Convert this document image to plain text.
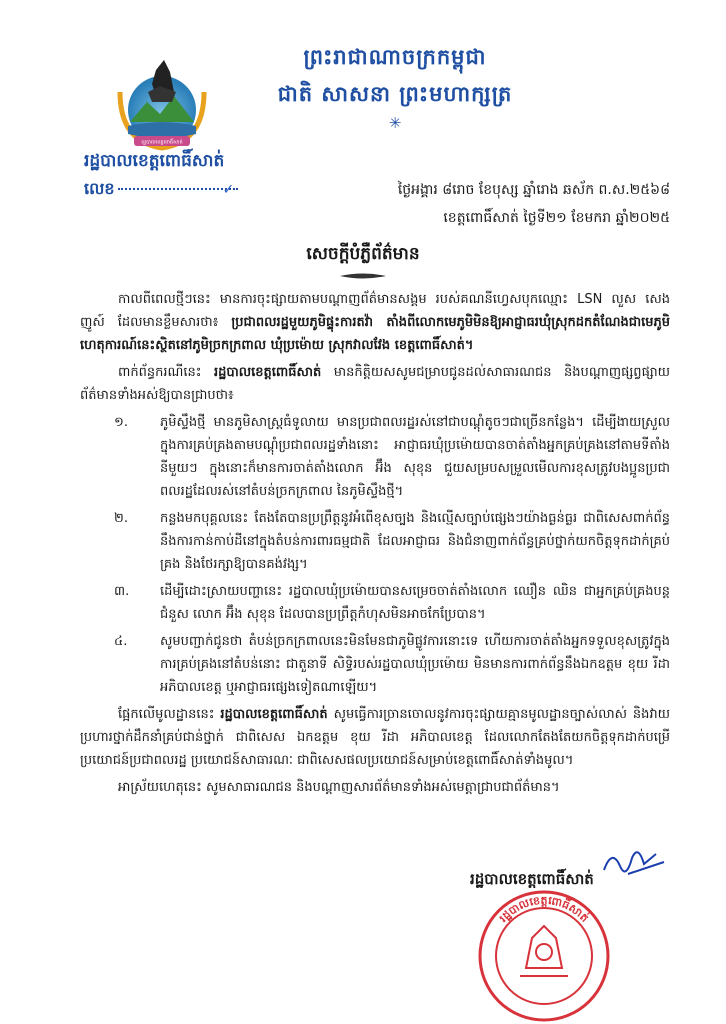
រដ្ឋបាលខេត្តពោធិ៍សាត់
ព្រះរាជាណាចក្រកម្ពុជា
ជាតិ សាសនា ព្រះមហាក្សត្រ
✳
រដ្ឋបាលខេត្តពោធិ៍សាត់
លេខ	✓	ថ្ងៃអង្គារ ៨រោច ខែបុស្ស ឆ្នាំរោង ឆស័ក ព.ស.២៥៦៨
ខេត្តពោធិ៍សាត់ ថ្ងៃទី២១ ខែមករា ឆ្នាំ២០២៥
សេចក្ដីបំភ្លឺព័ត៌មាន

កាលពីពេលថ្មីៗនេះ មានការចុះផ្សាយតាមបណ្តាញព័ត៌មានសង្គម របស់គណនីហ្វេសបុកឈ្មោះ LSN លួស សេង ញូស៍ ដែលមានខ្លឹមសារថា៖ ប្រជាពលរដ្ឋមួយភូមិផ្ទុះការតវ៉ា តាំងពីលោកមេភូមិមិនឱ្យអាជ្ញាធរឃុំស្រុកដកតំណែងជាមេភូមិ ហេតុការណ៍នេះស្ថិតនៅភូមិច្រកក្រពាល ឃុំប្រម៉ោយ ស្រុកវាលវែង ខេត្តពោធិ៍សាត់។

ពាក់ព័ន្ធករណីនេះ រដ្ឋបាលខេត្តពោធិ៍សាត់ មានកិត្តិយសសូមជម្រាបជូនដល់សាធារណជន និងបណ្តាញផ្សព្វផ្សាយព័ត៌មានទាំងអស់ឱ្យបានជ្រាបថា៖

១.	ភូមិស្ទឹងថ្មី មានភូមិសាស្ត្រធំទូលាយ មានប្រជាពលរដ្ឋរស់នៅជាបណ្តុំតូចៗជាច្រើនកន្លែង។ ដើម្បីងាយស្រួលក្នុងការគ្រប់គ្រងតាមបណ្តុំប្រជាពលរដ្ឋទាំងនោះ អាជ្ញាធរឃុំប្រម៉ោយបានចាត់តាំងអ្នកគ្រប់គ្រងនៅតាមទីតាំងនីមួយៗ ក្នុងនោះក៏មានការចាត់តាំងលោក អ៊ឹង សុខុន ជួយសម្របសម្រួលមើលការខុសត្រូវបងប្អូនប្រជាពលរដ្ឋដែលរស់នៅតំបន់ច្រកក្រពាល នៃភូមិស្ទឹងថ្មី។
២.	កន្លងមកបុគ្គលនេះ តែងតែបានប្រព្រឹត្តនូវអំពើខុសច្បង និងល្មើសច្បាប់ផ្សេងៗយ៉ាងធ្ងន់ធ្ងរ ជាពិសេសពាក់ព័ន្ធនឹងការកាន់កាប់ដីនៅក្នុងតំបន់ការពារធម្មជាតិ ដែលអាជ្ញាធរ និងជំនាញពាក់ព័ន្ធគ្រប់ថ្នាក់យកចិត្តទុកដាក់គ្រប់គ្រង និងថែរក្សាឱ្យបានគង់វង្ស។
៣.	ដើម្បីដោះស្រាយបញ្ហានេះ រដ្ឋបាលឃុំប្រម៉ោយបានសម្រេចចាត់តាំងលោក ឈឿន ឈិន ជាអ្នកគ្រប់គ្រងបន្ត ជំនួស លោក អ៊ឹង សុខុន ដែលបានប្រព្រឹត្តកំហុសមិនអាចកែប្រែបាន។
៤.	សូមបញ្ជាក់ជូនថា តំបន់ច្រកក្រពាលនេះមិនមែនជាភូមិផ្លូវការនោះទេ ហើយការចាត់តាំងអ្នកទទួលខុសត្រូវក្នុងការគ្រប់គ្រងនៅតំបន់នោះ ជាតួនាទី សិទ្ធិរបស់រដ្ឋបាលឃុំប្រម៉ោយ មិនមានការពាក់ព័ន្ធនឹងឯកឧត្តម ខុយ រីដា អភិបាលខេត្ត ឬអាជ្ញាធរផ្សេងទៀតណាឡើយ។

ផ្អែកលើមូលដ្ឋាននេះ រដ្ឋបាលខេត្តពោធិ៍សាត់ សូមធ្វើការច្រានចោលនូវការចុះផ្សាយគ្មានមូលដ្ឋានច្បាស់លាស់ និងវាយប្រហារថ្នាក់ដឹកនាំគ្រប់ជាន់ថ្នាក់ ជាពិសេស ឯកឧត្តម ខុយ រីដា អភិបាលខេត្ត ដែលលោកតែងតែយកចិត្តទុកដាក់បម្រើប្រយោជន៍ប្រជាពលរដ្ឋ ប្រយោជន៍សាធារណៈ ជាពិសេសផលប្រយោជន៍សម្រាប់ខេត្តពោធិ៍សាត់ទាំងមូល។

អាស្រ័យហេតុនេះ សូមសាធារណជន និងបណ្តាញសារព័ត៌មានទាំងអស់មេត្តាជ្រាបជាព័ត៌មាន។

រដ្ឋបាលខេត្តពោធិ៍សាត់
រដ្ឋបាលខេត្តពោធិ៍សាត់
